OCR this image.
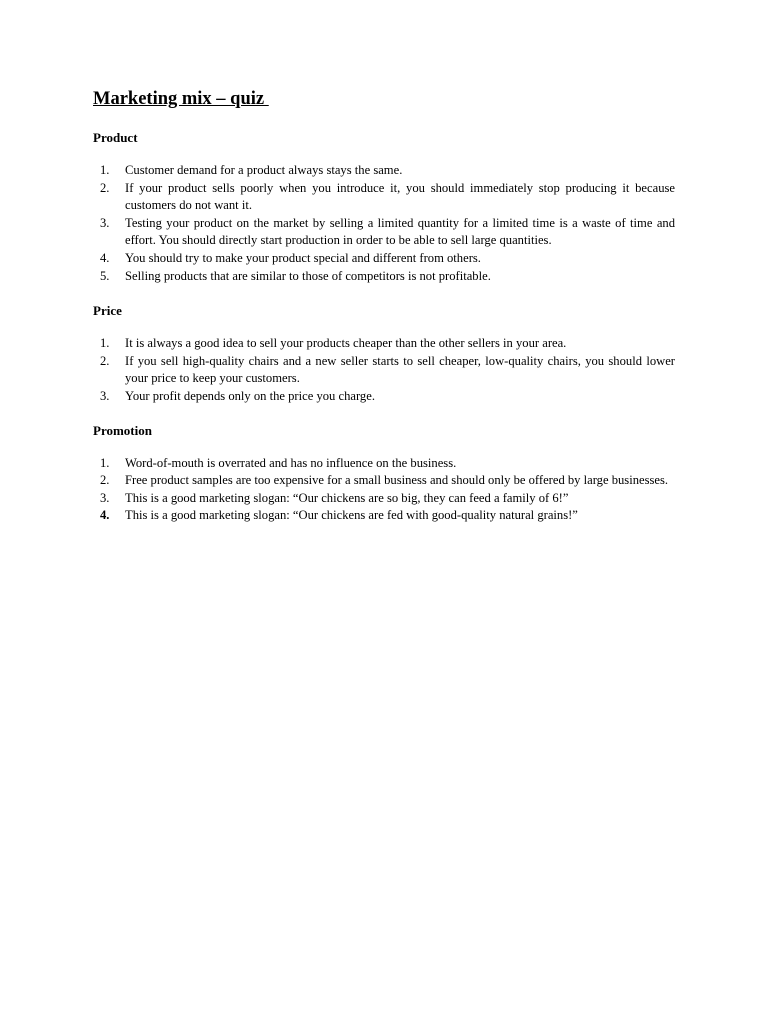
Marketing mix – quiz
Product
1.	Customer demand for a product always stays the same.
2.	If your product sells poorly when you introduce it, you should immediately stop producing it because customers do not want it.
3.	Testing your product on the market by selling a limited quantity for a limited time is a waste of time and effort. You should directly start production in order to be able to sell large quantities.
4.	You should try to make your product special and different from others.
5.	Selling products that are similar to those of competitors is not profitable.
Price
1.	It is always a good idea to sell your products cheaper than the other sellers in your area.
2.	If you sell high-quality chairs and a new seller starts to sell cheaper, low-quality chairs, you should lower your price to keep your customers.
3.	Your profit depends only on the price you charge.
Promotion
1.	Word-of-mouth is overrated and has no influence on the business.
2.	Free product samples are too expensive for a small business and should only be offered by large businesses.
3.	This is a good marketing slogan: “Our chickens are so big, they can feed a family of 6!”
4.	This is a good marketing slogan: “Our chickens are fed with good-quality natural grains!”
